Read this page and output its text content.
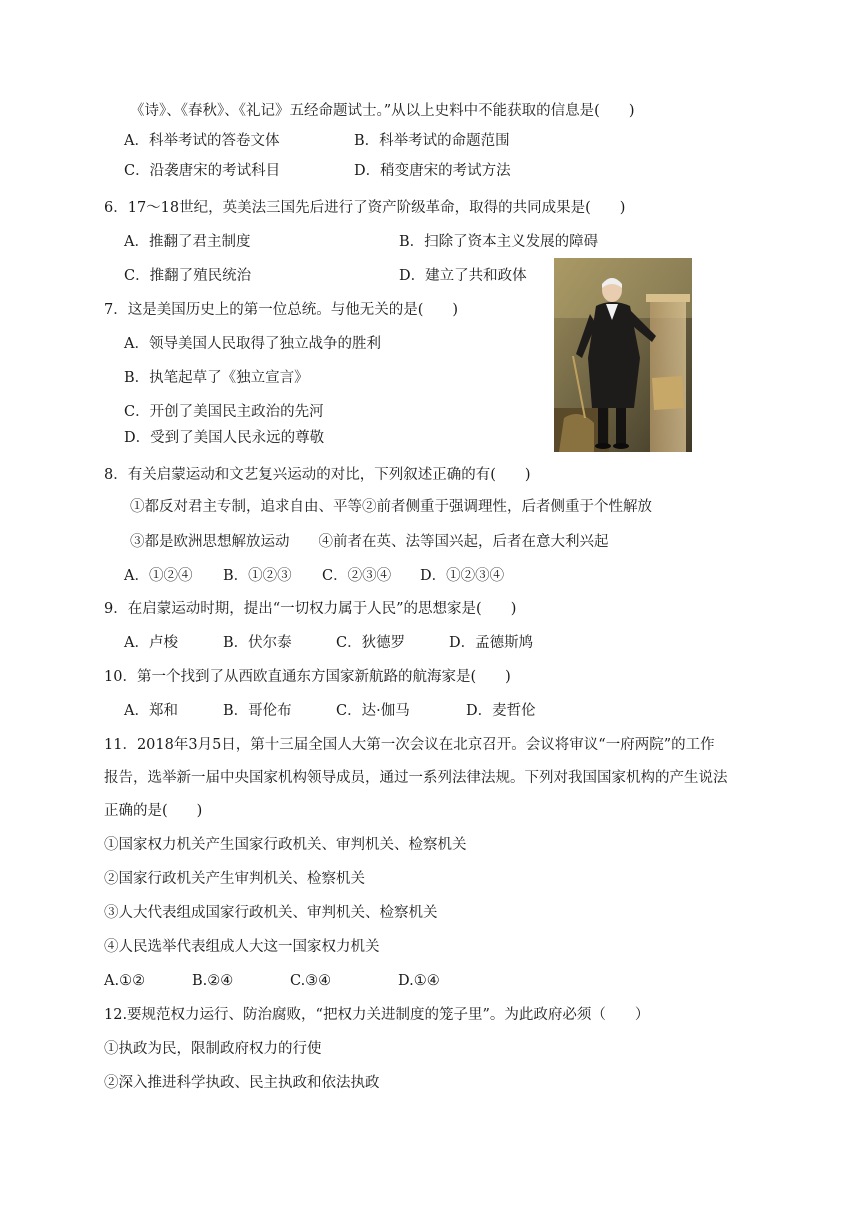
《诗》、《春秋》、《礼记》五经命题试士。”从以上史料中不能获取的信息是(　　)
A．科举考试的答卷文体	B．科举考试的命题范围
C．沿袭唐宋的考试科目	D．稍变唐宋的考试方法
6．17～18世纪，英美法三国先后进行了资产阶级革命，取得的共同成果是(　　)
A．推翻了君主制度	B．扫除了资本主义发展的障碍
C．推翻了殖民统治	D．建立了共和政体
7．这是美国历史上的第一位总统。与他无关的是(　　)
A．领导美国人民取得了独立战争的胜利
B．执笔起草了《独立宣言》
C．开创了美国民主政治的先河
D．受到了美国人民永远的尊敬
8．有关启蒙运动和文艺复兴运动的对比，下列叙述正确的有(　　)
①都反对君主专制，追求自由、平等②前者侧重于强调理性，后者侧重于个性解放
③都是欧洲思想解放运动　　④前者在英、法等国兴起，后者在意大利兴起
A．①②④ B．①②③ C．②③④ D．①②③④
9．在启蒙运动时期，提出“一切权力属于人民”的思想家是(　　)
A．卢梭	B．伏尔泰	C．狄德罗	D．孟德斯鸠
10．第一个找到了从西欧直通东方国家新航路的航海家是(　　)
A．郑和	B．哥伦布	C．达·伽马	D．麦哲伦
11．2018年3月5日，第十三届全国人大第一次会议在北京召开。会议将审议“一府两院”的工作
报告，选举新一届中央国家机构领导成员，通过一系列法律法规。下列对我国国家机构的产生说法
正确的是(　　)
①国家权力机关产生国家行政机关、审判机关、检察机关
②国家行政机关产生审判机关、检察机关
③人大代表组成国家行政机关、审判机关、检察机关
④人民选举代表组成人大这一国家权力机关
A.①②	B.②④	C.③④	D.①④
12.要规范权力运行、防治腐败，“把权力关进制度的笼子里”。为此政府必须（　　）
①执政为民，限制政府权力的行使
②深入推进科学执政、民主执政和依法执政
